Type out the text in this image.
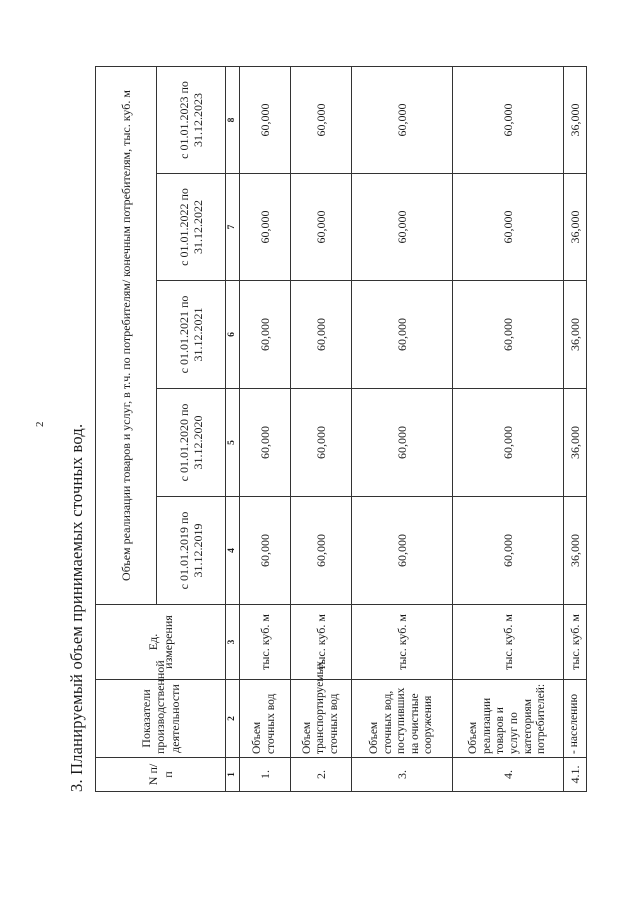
2 3. Планируемый объем принимаемых сточных вод.	N п/п	Показатели производственной деятельности	Ед. измерения	Объем реализации товаров и услуг, в т.ч. по потребителям/ конечным потребителям, тыс. куб. м				
			с 01.01.2019 по 31.12.2019	с 01.01.2020 по 31.12.2020	с 01.01.2021 по 31.12.2021	с 01.01.2022 по 31.12.2022	с 01.01.2023 по 31.12.2023
1	2	3	4	5	6	7	8
1.	Объем сточных вод	тыс. куб. м	60,000	60,000	60,000	60,000	60,000
2.	Объем транспортируемых сточных вод	тыс. куб. м	60,000	60,000	60,000	60,000	60,000
3.	Объем сточных вод, поступивших на очистные сооружения	тыс. куб. м	60,000	60,000	60,000	60,000	60,000
4.	Объем реализации товаров и услуг по категориям потребителей:	тыс. куб. м	60,000	60,000	60,000	60,000	60,000
4.1.	- населению	тыс. куб. м	36,000	36,000	36,000	36,000	36,000
